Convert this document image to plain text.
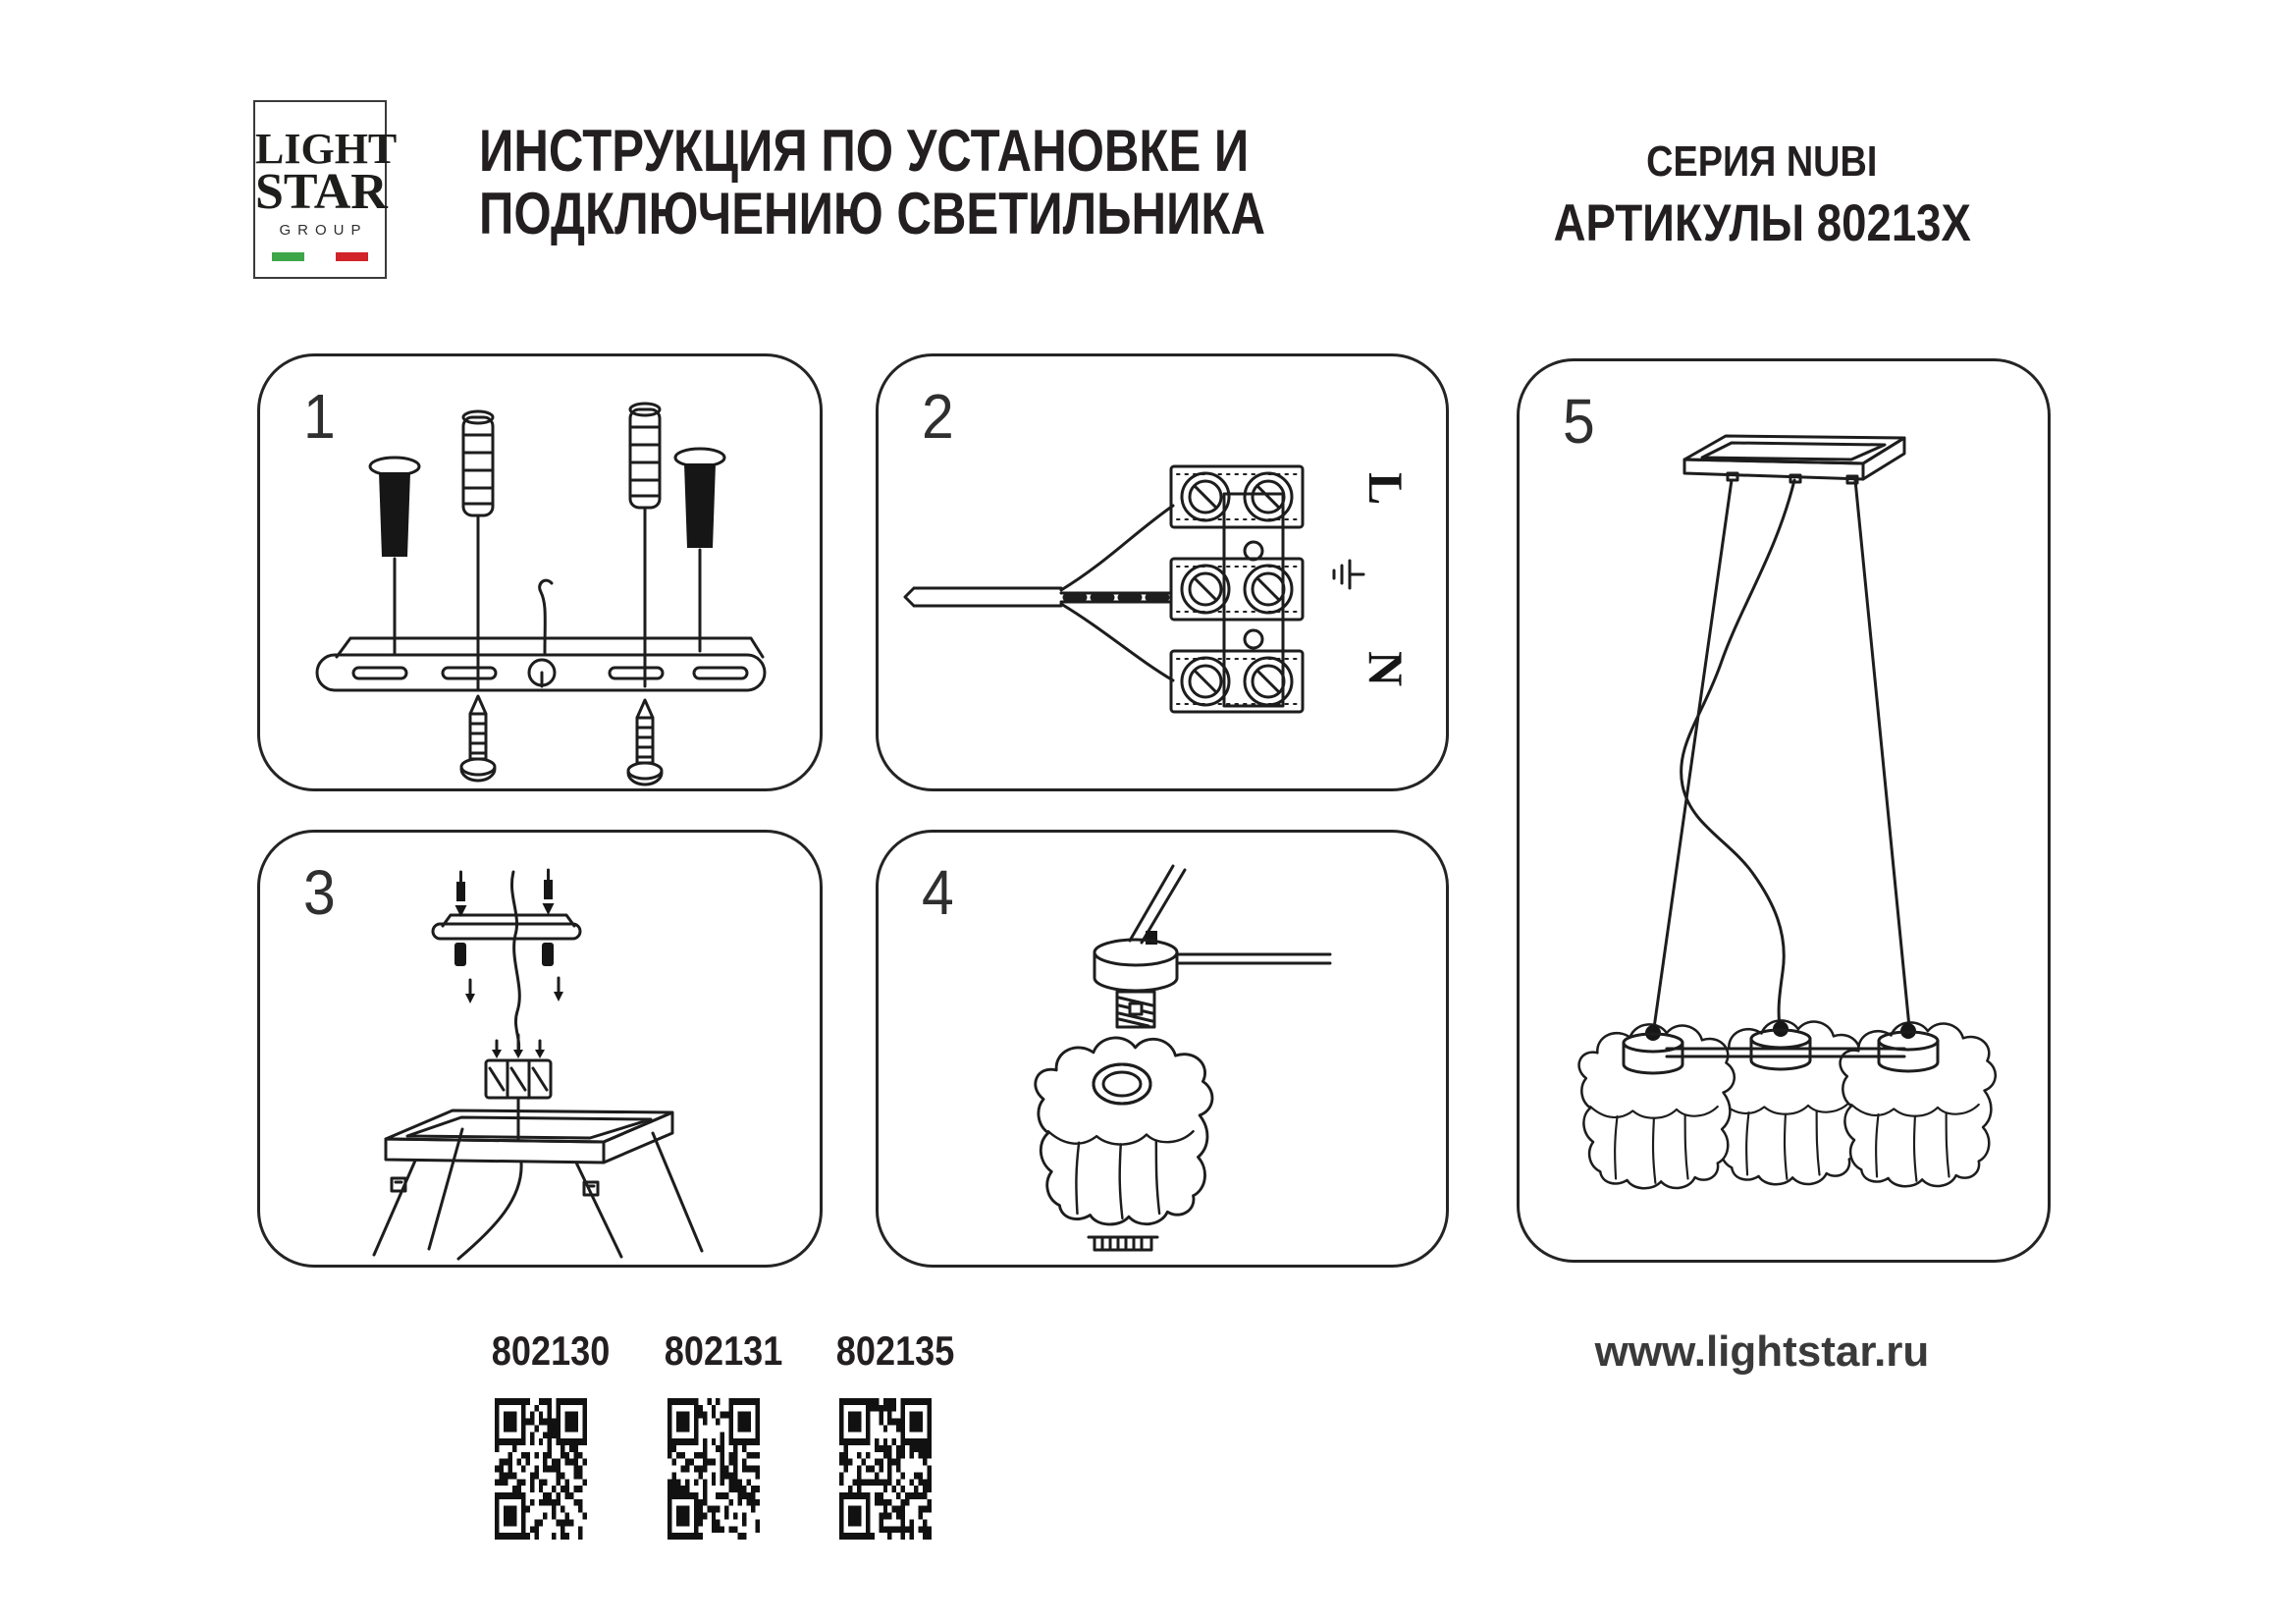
LIGHT
STAR
GROUP
ИНСТРУКЦИЯ ПО УСТАНОВКЕ И
ПОДКЛЮЧЕНИЮ СВЕТИЛЬНИКА
СЕРИЯ NUBI
АРТИКУЛЫ 80213X
1	2
L
N
3	4
5
802130 802131 802135	www.lightstar.ru
